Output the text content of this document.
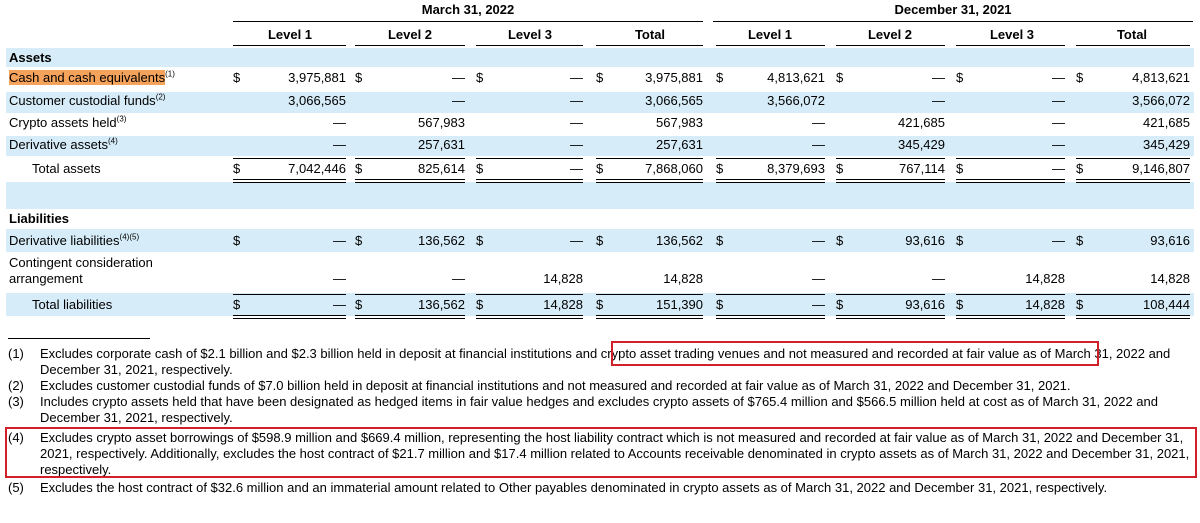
March 31, 2022	December 31, 2021
Level 1	Level 2	Level 3	Total	Level 1	Level 2	Level 3	Total
Assets
Liabilities
Cash and cash equivalents$^{(1)}$	$	3,975,881 $	— $	— $	3,975,881 $	4,813,621 $	— $	— $	4,813,621
Customer custodial funds$^{(2)}$	3,066,565	—	—	3,066,565	3,566,072	—	—	3,566,072
Crypto assets held$^{(3)}$	—	567,983	—	567,983	—	421,685	—	421,685
Derivative assets$^{(4)}$	—	257,631	—	257,631	—	345,429	—	345,429
Total assets	$	7,042,446 $	825,614 $	— $	7,868,060 $	8,379,693 $	767,114 $	— $	9,146,807
Derivative liabilities$^{(4)(5)}$	$	— $	136,562 $	— $	136,562 $	— $	93,616 $	— $	93,616
Contingent consideration
arrangement	—	—	14,828	14,828	—	—	14,828	14,828
Total liabilities	$	— $	136,562 $	14,828 $	151,390 $	— $	93,616 $	14,828 $	108,444
(1) Excludes corporate cash of $2.1 billion and $2.3 billion held in deposit at financial institutions and crypto asset trading venues and not measured and recorded at fair value as of March 31, 2022 and December 31, 2021, respectively.
(2) Excludes customer custodial funds of $7.0 billion held in deposit at financial institutions and not measured and recorded at fair value as of March 31, 2022 and December 31, 2021.
(3) Includes crypto assets held that have been designated as hedged items in fair value hedges and excludes crypto assets of $765.4 million and $566.5 million held at cost as of March 31, 2022 and December 31, 2021, respectively.
(4) Excludes crypto asset borrowings of $598.9 million and $669.4 million, representing the host liability contract which is not measured and recorded at fair value as of March 31, 2022 and December 31, 2021, respectively. Additionally, excludes the host contract of $21.7 million and $17.4 million related to Accounts receivable denominated in crypto assets as of March 31, 2022 and December 31, 2021, respectively.
(5) Excludes the host contract of $32.6 million and an immaterial amount related to Other payables denominated in crypto assets as of March 31, 2022 and December 31, 2021, respectively.
